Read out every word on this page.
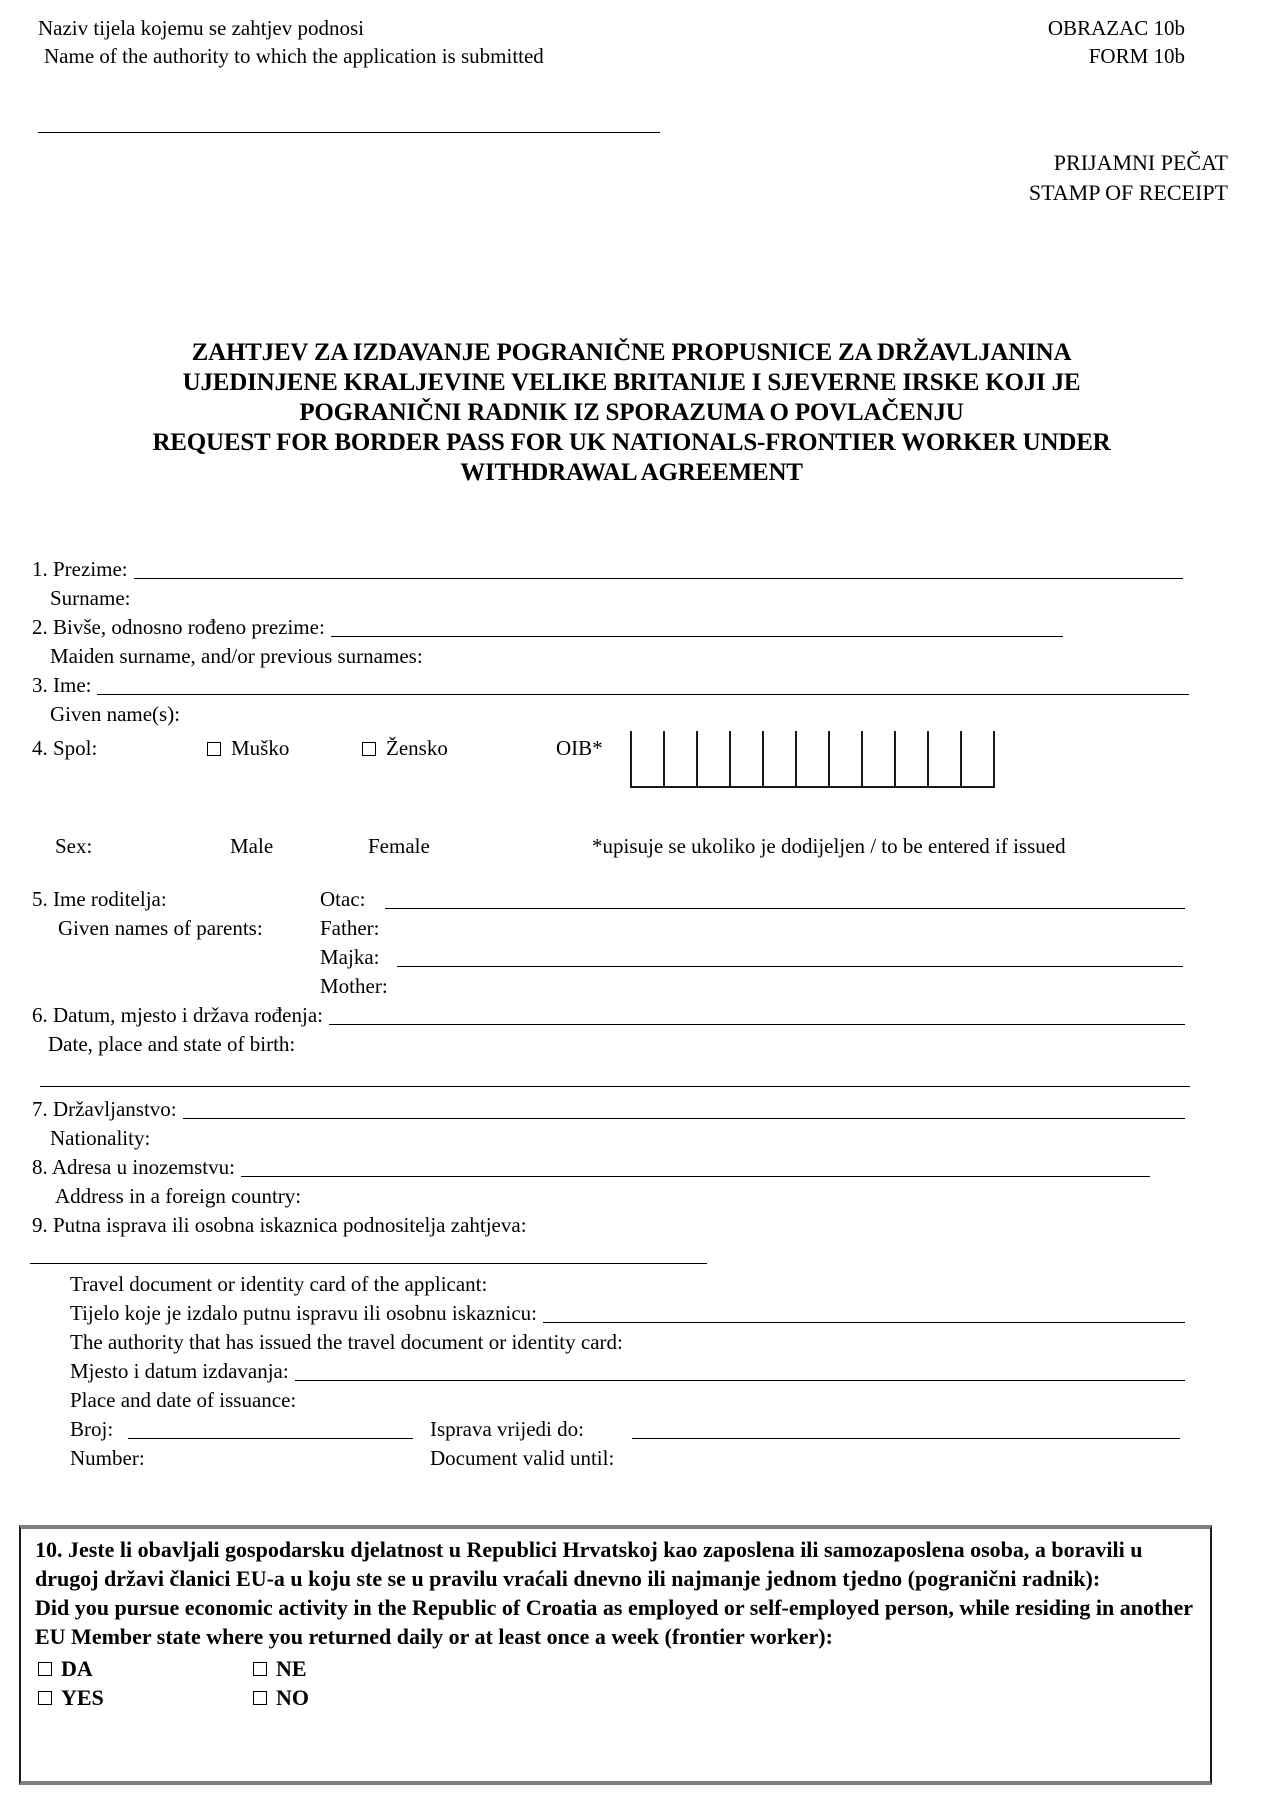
Naziv tijela kojemu se zahtjev podnosi
Name of the authority to which the application is submitted
OBRAZAC 10b
FORM 10b
PRIJAMNI PEČAT
STAMP OF RECEIPT
ZAHTJEV ZA IZDAVANJE POGRANIČNE PROPUSNICE ZA DRŽAVLJANINA
UJEDINJENE KRALJEVINE VELIKE BRITANIJE I SJEVERNE IRSKE KOJI JE
POGRANIČNI RADNIK IZ SPORAZUMA O POVLAČENJU
REQUEST FOR BORDER PASS FOR UK NATIONALS-FRONTIER WORKER UNDER
WITHDRAWAL AGREEMENT
1. Prezime:
Surname:
2. Bivše, odnosno rođeno prezime:
Maiden surname, and/or previous surnames:
3. Ime:
Given name(s):
4. Spol:	Muško	Žensko	OIB*
Sex:	Male	Female	*upisuje se ukoliko je dodijeljen / to be entered if issued
5. Ime roditelja:	Otac:
Given names of parents:	Father:
Majka:
Mother:
6. Datum, mjesto i država rođenja:
Date, place and state of birth:
7. Državljanstvo:
Nationality:
8. Adresa u inozemstvu:
Address in a foreign country:
9. Putna isprava ili osobna iskaznica podnositelja zahtjeva:
Travel document or identity card of the applicant:
Tijelo koje je izdalo putnu ispravu ili osobnu iskaznicu:
The authority that has issued the travel document or identity card:
Mjesto i datum izdavanja:
Place and date of issuance:
Broj:	Isprava vrijedi do:
Number:	Document valid until:

10. Jeste li obavljali gospodarsku djelatnost u Republici Hrvatskoj kao zaposlena ili samozaposlena osoba, a boravili u drugoj državi članici EU-a u koju ste se u pravilu vraćali dnevno ili najmanje jednom tjedno (pogranični radnik):

Did you pursue economic activity in the Republic of Croatia as employed or self-employed person, while residing in another EU Member state where you returned daily or at least once a week (frontier worker):

DA	NE
YES	NO
